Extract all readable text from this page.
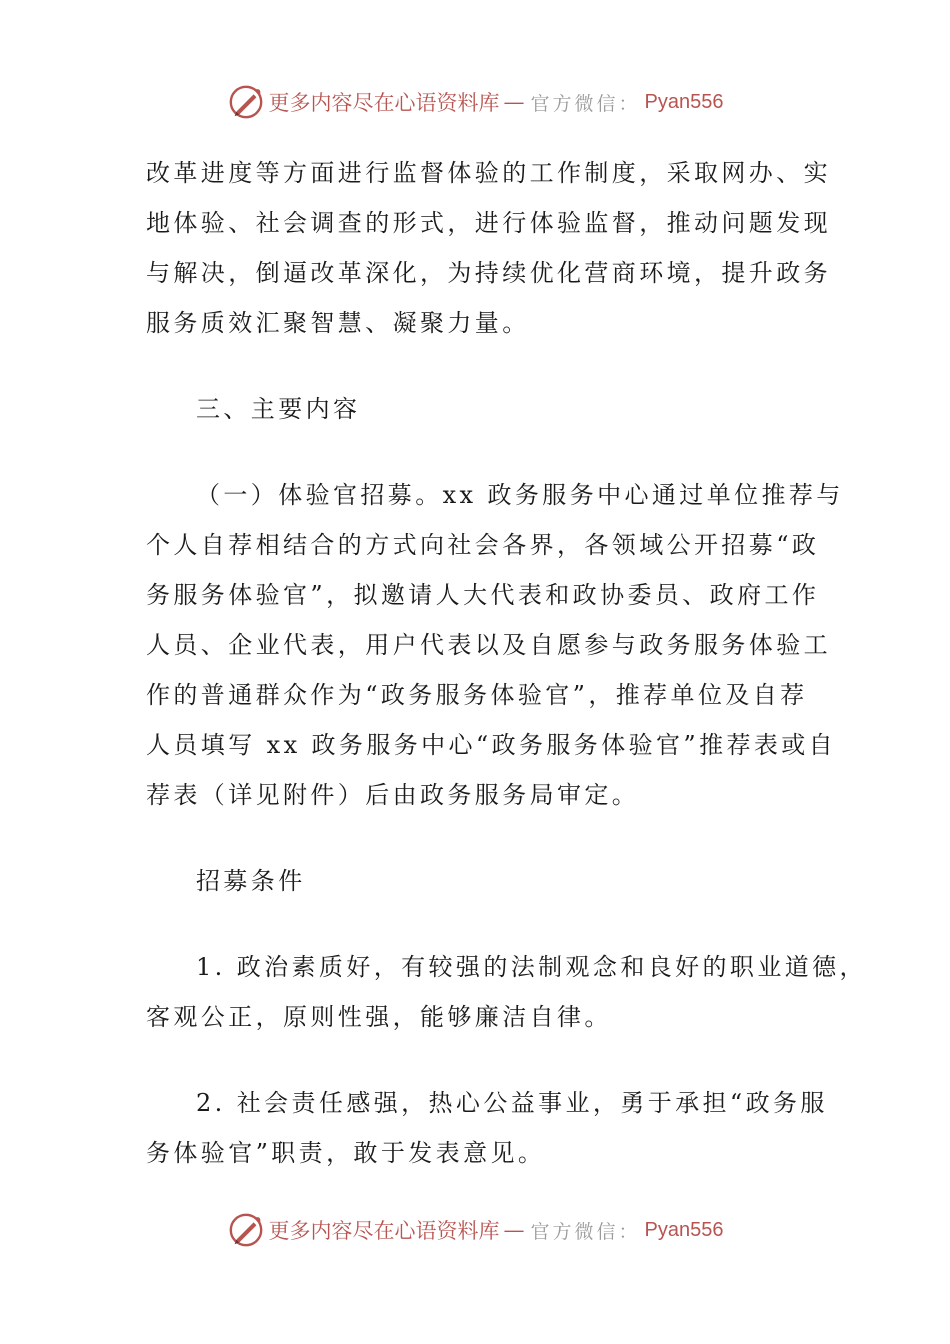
更多内容尽在心语资料库 — 官方微信： Pyan556

改革进度等方面进行监督体验的工作制度，采取网办、实
地体验、社会调查的形式，进行体验监督，推动问题发现
与解决，倒逼改革深化，为持续优化营商环境，提升政务
服务质效汇聚智慧、凝聚力量。

三、主要内容

（一）体验官招募。xx 政务服务中心通过单位推荐与
个人自荐相结合的方式向社会各界，各领域公开招募“政
务服务体验官”，拟邀请人大代表和政协委员、政府工作
人员、企业代表，用户代表以及自愿参与政务服务体验工
作的普通群众作为“政务服务体验官”，推荐单位及自荐
人员填写 xx 政务服务中心“政务服务体验官”推荐表或自
荐表（详见附件）后由政务服务局审定。

招募条件

1. 政治素质好，有较强的法制观念和良好的职业道德，
客观公正，原则性强，能够廉洁自律。

2. 社会责任感强，热心公益事业，勇于承担“政务服
务体验官”职责，敢于发表意见。

更多内容尽在心语资料库 — 官方微信： Pyan556
